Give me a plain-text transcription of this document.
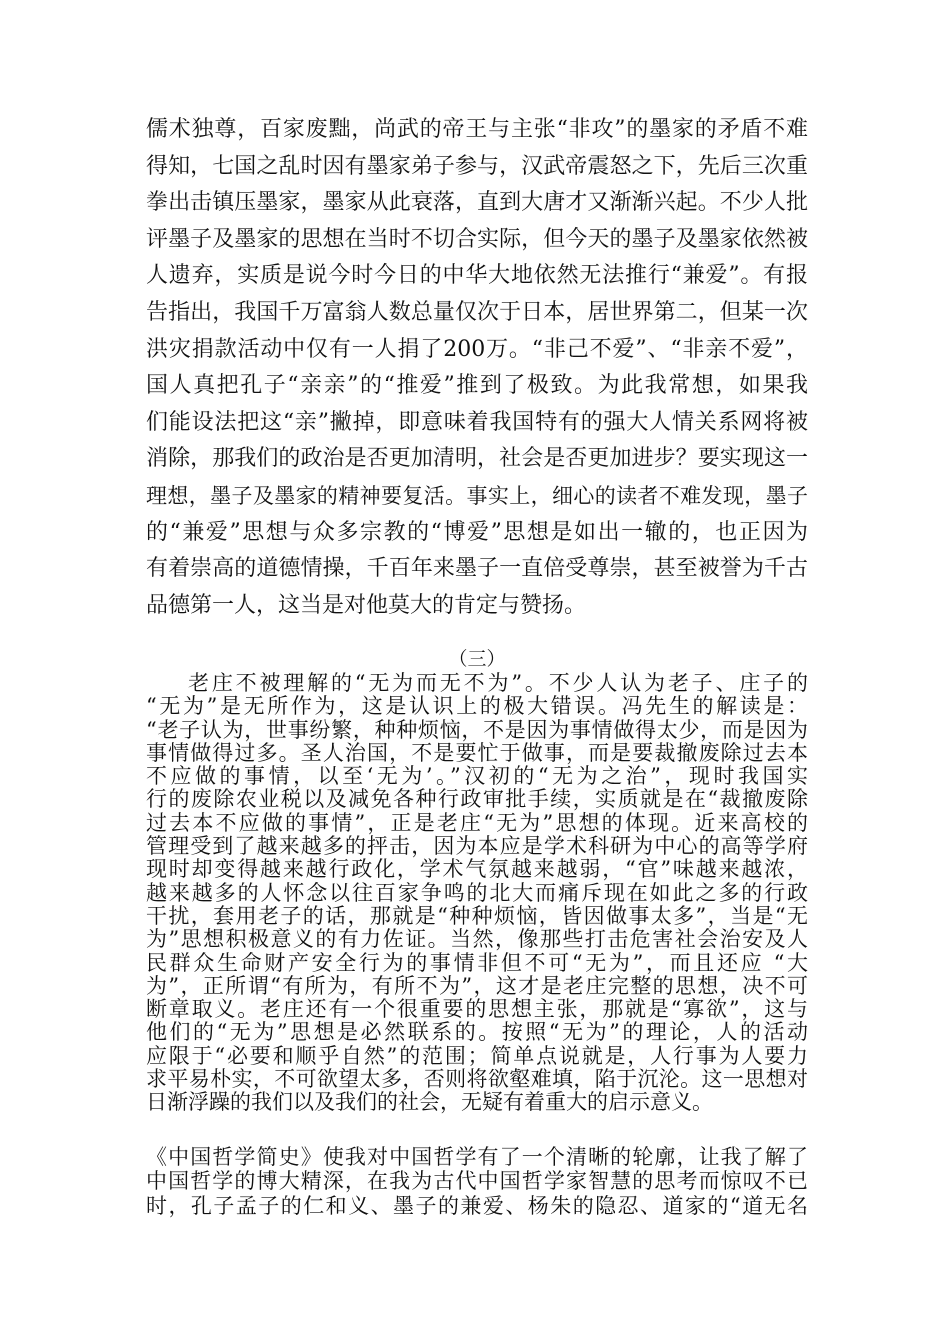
儒术独尊，百家废黜，尚武的帝王与主张“非攻”的墨家的矛盾不难
得知，七国之乱时因有墨家弟子参与，汉武帝震怒之下，先后三次重
拳出击镇压墨家，墨家从此衰落，直到大唐才又渐渐兴起。不少人批
评墨子及墨家的思想在当时不切合实际，但今天的墨子及墨家依然被
人遗弃，实质是说今时今日的中华大地依然无法推行“兼爱”。有报
告指出，我国千万富翁人数总量仅次于日本，居世界第二，但某一次
洪灾捐款活动中仅有一人捐了200万。“非己不爱”、“非亲不爱”，
国人真把孔子“亲亲”的“推爱”推到了极致。为此我常想，如果我
们能设法把这“亲”撇掉，即意味着我国特有的强大人情关系网将被
消除，那我们的政治是否更加清明，社会是否更加进步？要实现这一
理想，墨子及墨家的精神要复活。事实上，细心的读者不难发现，墨子
的“兼爱”思想与众多宗教的“博爱”思想是如出一辙的，也正因为
有着崇高的道德情操，千百年来墨子一直倍受尊崇，甚至被誉为千古
品德第一人，这当是对他莫大的肯定与赞扬。
（三）
老庄不被理解的“无为而无不为”。不少人认为老子、庄子的
“无为”是无所作为，这是认识上的极大错误。冯先生的解读是：
“老子认为，世事纷繁，种种烦恼，不是因为事情做得太少，而是因为
事情做得过多。圣人治国，不是要忙于做事，而是要裁撤废除过去本
不应做的事情，以至‘无为’。”汉初的“无为之治”，现时我国实
行的废除农业税以及减免各种行政审批手续，实质就是在“裁撤废除
过去本不应做的事情”，正是老庄“无为”思想的体现。近来高校的
管理受到了越来越多的抨击，因为本应是学术科研为中心的高等学府
现时却变得越来越行政化，学术气氛越来越弱，“官”味越来越浓，
越来越多的人怀念以往百家争鸣的北大而痛斥现在如此之多的行政
干扰，套用老子的话，那就是“种种烦恼，皆因做事太多”，当是“无
为”思想积极意义的有力佐证。当然，像那些打击危害社会治安及人
民群众生命财产安全行为的事情非但不可“无为”，而且还应 “大
为”，正所谓“有所为，有所不为”，这才是老庄完整的思想，决不可
断章取义。老庄还有一个很重要的思想主张，那就是“寡欲”，这与
他们的“无为”思想是必然联系的。按照“无为”的理论，人的活动
应限于“必要和顺乎自然”的范围；简单点说就是，人行事为人要力
求平易朴实，不可欲望太多，否则将欲壑难填，陷于沉沦。这一思想对
日渐浮躁的我们以及我们的社会，无疑有着重大的启示意义。
《中国哲学简史》使我对中国哲学有了一个清晰的轮廓，让我了解了
中国哲学的博大精深，在我为古代中国哲学家智慧的思考而惊叹不已
时，孔子孟子的仁和义、墨子的兼爱、杨朱的隐忍、道家的“道无名
